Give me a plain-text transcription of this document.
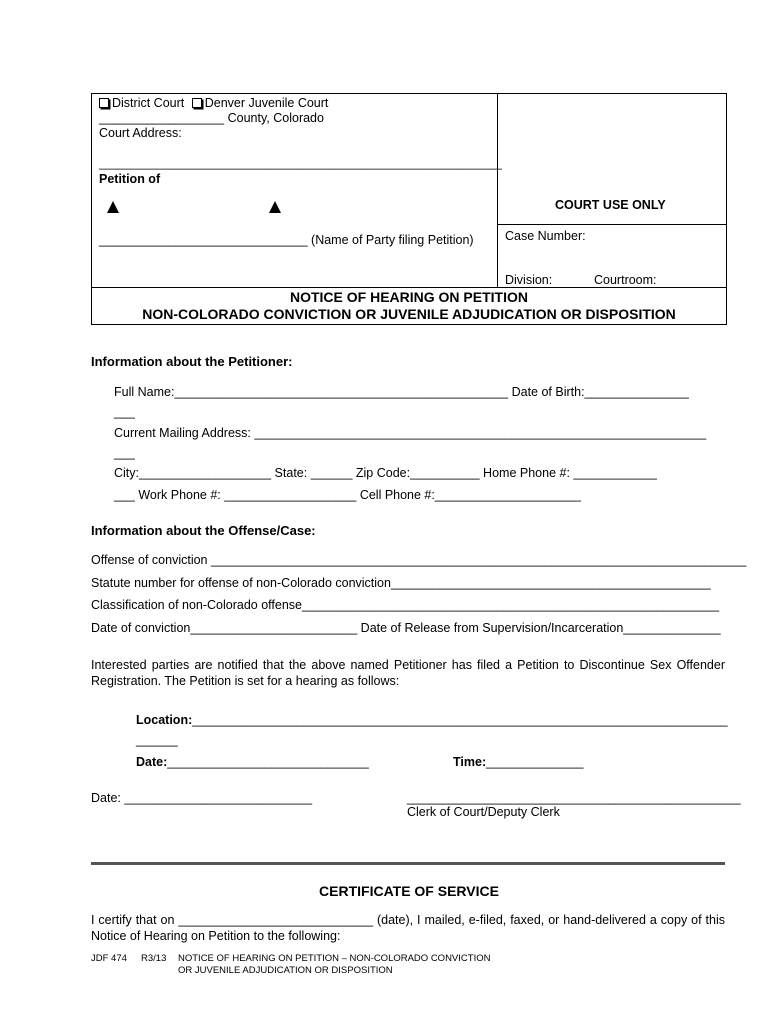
District Court Denver Juvenile Court
__________________ County, Colorado
Court Address:
_______________________________________________________________
Petition of
______________________________ (Name of Party filing Petition)
COURT USE ONLY
Case Number:
Division:	Courtroom:
NOTICE OF HEARING ON PETITION
NON-COLORADO CONVICTION OR JUVENILE ADJUDICATION OR DISPOSITION
Information about the Petitioner:
Full Name:________________________________________________ Date of Birth:_______________
___
Current Mailing Address: _________________________________________________________________
___
City:___________________ State: ______ Zip Code:__________ Home Phone #: ____________
___ Work Phone #: ___________________ Cell Phone #:_____________________
Information about the Offense/Case:
Offense of conviction _____________________________________________________________________________
Statute number for offense of non-Colorado conviction______________________________________________
Classification of non-Colorado offense____________________________________________________________
Date of conviction________________________ Date of Release from Supervision/Incarceration______________
Interested parties are notified that the above named Petitioner has filed a Petition to Discontinue Sex Offender Registration. The Petition is set for a hearing as follows:
Location:_____________________________________________________________________________
______
Date:_____________________________	Time:______________
Date: ___________________________	________________________________________________
Clerk of Court/Deputy Clerk
CERTIFICATE OF SERVICE
I certify that on ____________________________ (date), I mailed, e-filed, faxed, or hand-delivered a copy of this Notice of Hearing on Petition to the following:
JDF 474 R3/13 NOTICE OF HEARING ON PETITION – NON-COLORADO CONVICTION
OR JUVENILE ADJUDICATION OR DISPOSITION
